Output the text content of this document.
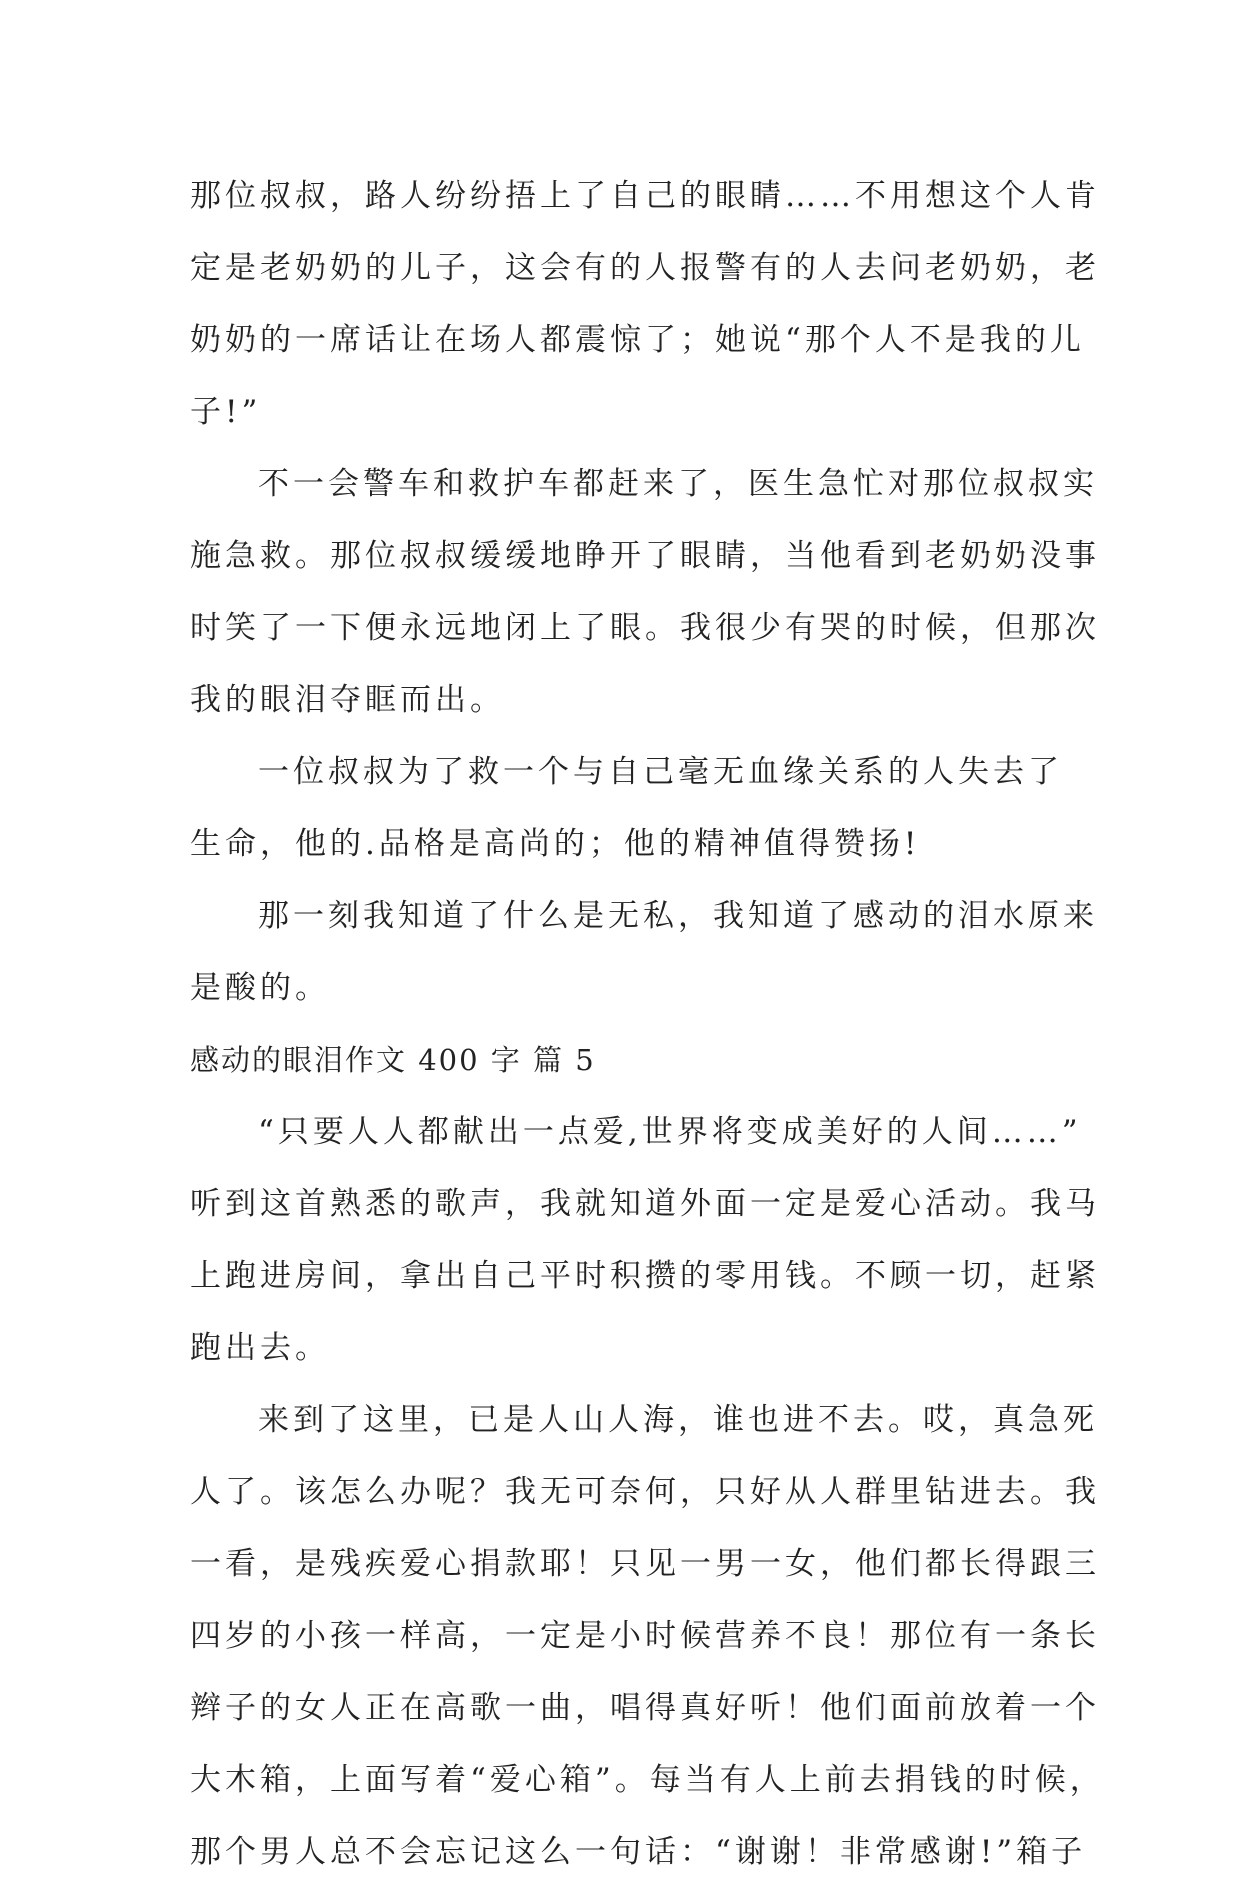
那位叔叔，路人纷纷捂上了自己的眼睛……不用想这个人肯
定是老奶奶的儿子，这会有的人报警有的人去问老奶奶，老
奶奶的一席话让在场人都震惊了；她说“那个人不是我的儿
子!”
不一会警车和救护车都赶来了，医生急忙对那位叔叔实
施急救。那位叔叔缓缓地睁开了眼睛，当他看到老奶奶没事
时笑了一下便永远地闭上了眼。我很少有哭的时候，但那次
我的眼泪夺眶而出。
一位叔叔为了救一个与自己毫无血缘关系的人失去了
生命，他的.品格是高尚的；他的精神值得赞扬!
那一刻我知道了什么是无私，我知道了感动的泪水原来
是酸的。
感动的眼泪作文 400 字 篇 5
“只要人人都献出一点爱,世界将变成美好的人间……”
听到这首熟悉的歌声，我就知道外面一定是爱心活动。我马
上跑进房间，拿出自己平时积攒的零用钱。不顾一切，赶紧
跑出去。
来到了这里，已是人山人海，谁也进不去。哎，真急死
人了。该怎么办呢？我无可奈何，只好从人群里钻进去。我
一看，是残疾爱心捐款耶！只见一男一女，他们都长得跟三
四岁的小孩一样高，一定是小时候营养不良！那位有一条长
辫子的女人正在高歌一曲，唱得真好听！他们面前放着一个
大木箱，上面写着“爱心箱”。每当有人上前去捐钱的时候，
那个男人总不会忘记这么一句话：“谢谢！非常感谢!”箱子
